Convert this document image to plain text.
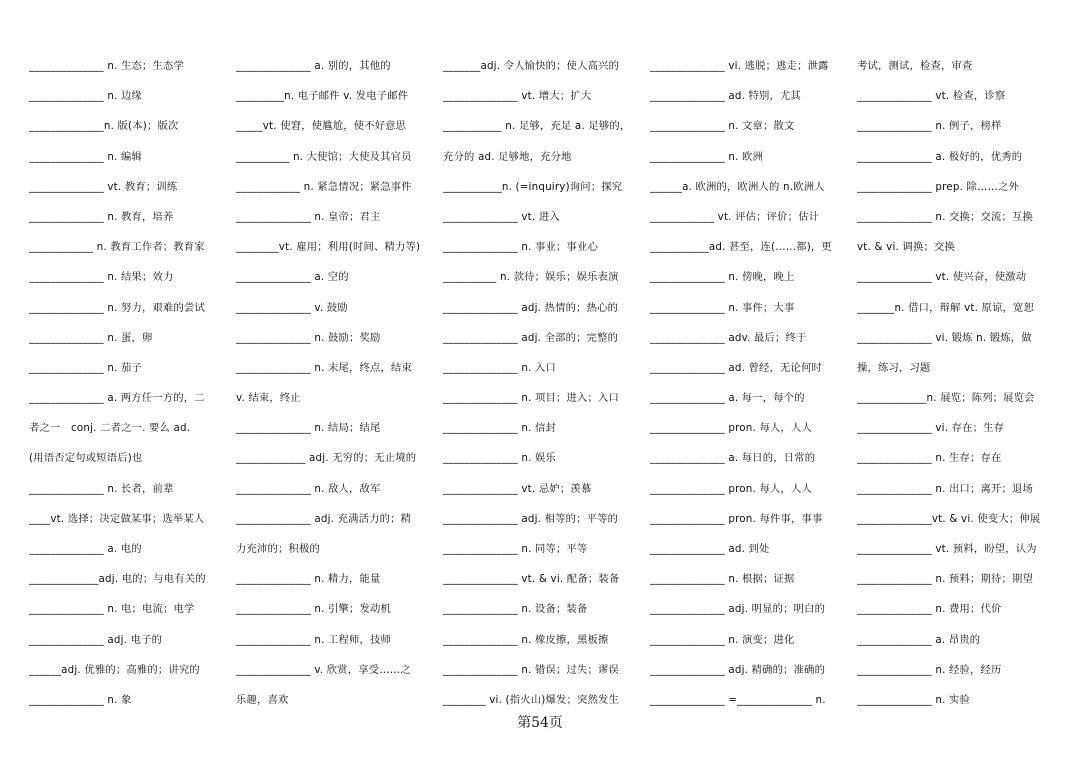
______________ n. 生态；生态学
______________ n. 边缘
______________n. 版(本)；版次
______________ n. 编辑
______________ vt. 教育；训练
______________ n. 教育，培养
____________ n. 教育工作者；教育家
______________ n. 结果；效力
______________ n. 努力，艰难的尝试
______________ n. 蛋，卵
______________ n. 茄子
______________ a. 两方任一方的，二
者之一　conj. 二者之一. 要么 ad.
(用语否定句或短语后)也
______________ n. 长者，前辈
____vt. 选择；决定做某事；选举某人
______________ a. 电的
_____________adj. 电的；与电有关的
______________ n. 电；电流；电学
______________ adj. 电子的
______adj. 优雅的；高雅的；讲究的
______________ n. 象
______________ a. 别的，其他的
_________n. 电子邮件 v. 发电子邮件
_____vt. 使窘，使尴尬，使不好意思
__________ n. 大使馆；大使及其官员
____________ n. 紧急情况；紧急事件
______________ n. 皇帝；君主
________vt. 雇用；利用(时间、精力等)
______________ a. 空的
______________ v. 鼓励
______________ n. 鼓励；奖励
______________ n. 末尾，终点，结束
v. 结束，终止
______________ n. 结局；结尾
_____________ adj. 无穷的；无止境的
______________ n. 敌人，敌军
______________ adj. 充满活力的；精
力充沛的；积极的
______________ n. 精力，能量
______________ n. 引擎；发动机
______________ n. 工程师，技师
______________ v. 欣赏，享受……之
乐趣，喜欢
_______adj. 令人愉快的；使人高兴的
______________ vt. 增大；扩大
___________ n. 足够，充足 a. 足够的，
充分的 ad. 足够地，充分地
___________n. (=inquiry)询问；探究
______________ vt. 进入
______________ n. 事业；事业心
__________ n. 款待；娱乐；娱乐表演
______________ adj. 热情的；热心的
______________ adj. 全部的；完整的
______________ n. 入口
______________ n. 项目；进入；入口
______________ n. 信封
______________ n. 娱乐
______________ vt. 忌妒；羡慕
______________ adj. 相等的；平等的
______________ n. 同等；平等
______________ vt. & vi. 配备；装备
______________ n. 设备；装备
______________ n. 橡皮擦，黑板擦
______________ n. 错误；过失；谬误
________ vi. (指火山)爆发；突然发生
______________ vi. 逃脱；逃走；泄露
______________ ad. 特别，尤其
______________ n. 文章；散文
______________ n. 欧洲
______a. 欧洲的，欧洲人的 n.欧洲人
____________ vt. 评估；评价；估计
___________ad. 甚至，连(……都)，更
______________ n. 傍晚，晚上
______________ n. 事件；大事
______________ adv. 最后；终于
______________ ad. 曾经，无论何时
______________ a. 每一，每个的
______________ pron. 每人，人人
______________ a. 每日的，日常的
______________ pron. 每人，人人
______________ pron. 每件事，事事
______________ ad. 到处
______________ n. 根据；证据
______________ adj. 明显的；明白的
______________ n. 演变；进化
______________ adj. 精确的；准确的
______________ =______________ n.
考试，测试，检查，审查
______________ vt. 检查，诊察
______________ n. 例子，榜样
______________ a. 极好的，优秀的
______________ prep. 除……之外
______________ n. 交换；交流；互换
vt. & vi. 调换；交换
______________ vt. 使兴奋，使激动
_______n. 借口，辩解 vt. 原谅，宽恕
______________ vi. 锻炼 n. 锻炼，做
操，练习，习题
_____________n. 展览；陈列；展览会
______________ vi. 存在；生存
______________ n. 生存；存在
______________ n. 出口；离开；退场
______________vt. & vi. 使变大；伸展
______________ vt. 预料，盼望，认为
______________ n. 预料；期待；期望
______________ n. 费用；代价
______________ a. 昂贵的
______________ n. 经验，经历
______________ n. 实验
第54页
